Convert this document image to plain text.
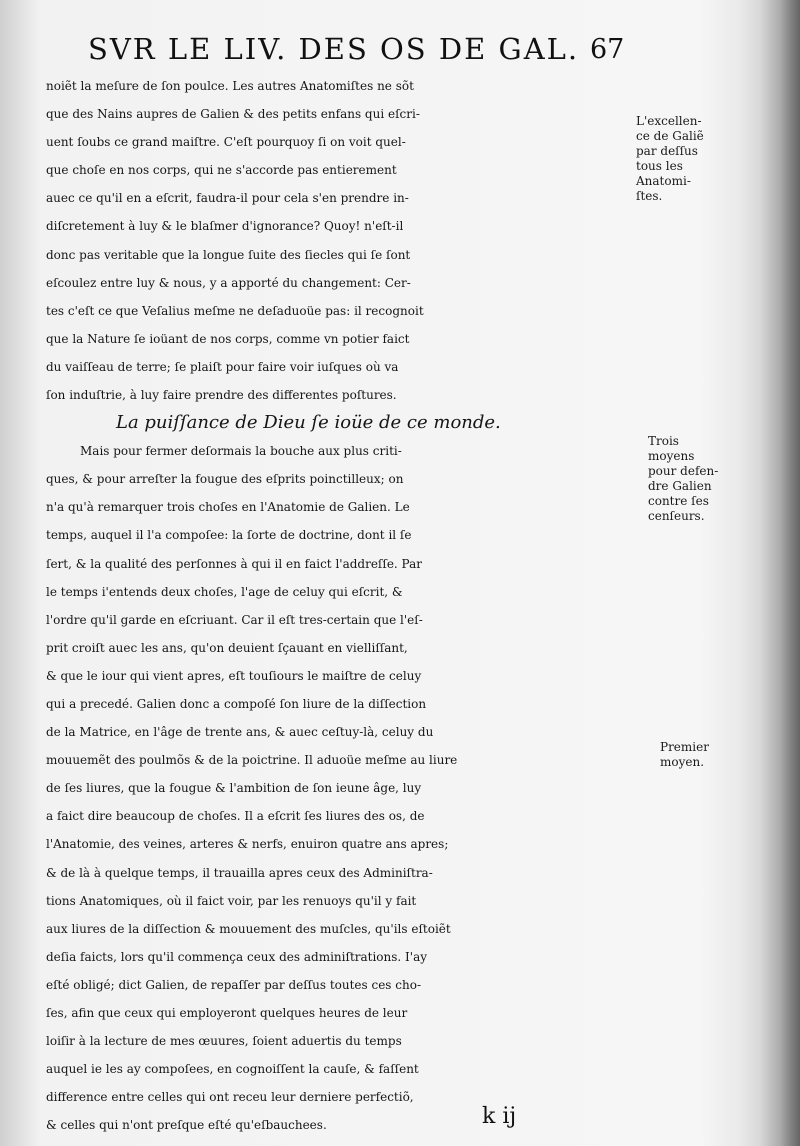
SVR LE LIV. DES OS DE GAL. 67
noiẽt la meſure de ſon poulce. Les autres Anatomiſtes ne sõt
que des Nains aupres de Galien & des petits enfans qui eſcri-
uent ſoubs ce grand maiſtre. C'eſt pourquoy ſi on voit quel-
que choſe en nos corps, qui ne s'accorde pas entierement
auec ce qu'il en a eſcrit, faudra-il pour cela s'en prendre in-
diſcretement à luy & le blaſmer d'ignorance? Quoy! n'eſt-il
donc pas veritable que la longue ſuite des ſiecles qui ſe ſont
eſcoulez entre luy & nous, y a apporté du changement: Cer-
tes c'eſt ce que Veſalius meſme ne deſaduoüe pas: il recognoit
que la Nature ſe ioüant de nos corps, comme vn potier faict
du vaiſſeau de terre; ſe plaiſt pour faire voir iuſques où va
ſon induſtrie, à luy faire prendre des differentes poſtures.
La puiſſance de Dieu ſe ioüe de ce monde.
Mais pour fermer deſormais la bouche aux plus criti-
ques, & pour arreſter la fougue des eſprits poinctilleux; on
n'a qu'à remarquer trois choſes en l'Anatomie de Galien. Le
temps, auquel il l'a compoſee: la ſorte de doctrine, dont il ſe
ſert, & la qualité des perſonnes à qui il en faict l'addreſſe. Par
le temps i'entends deux choſes, l'age de celuy qui eſcrit, &
l'ordre qu'il garde en eſcriuant. Car il eſt tres-certain que l'eſ-
prit croiſt auec les ans, qu'on deuient ſçauant en vielliſſant,
& que le iour qui vient apres, eſt touſiours le maiſtre de celuy
qui a precedé. Galien donc a compoſé ſon liure de la diſſection
de la Matrice, en l'âge de trente ans, & auec ceſtuy-là, celuy du
mouuemẽt des poulmõs & de la poictrine. Il aduoüe meſme au liure
de ſes liures, que la fougue & l'ambition de ſon ieune âge, luy
a faict dire beaucoup de choſes. Il a eſcrit ſes liures des os, de
l'Anatomie, des veines, arteres & nerfs, enuiron quatre ans apres;
& de là à quelque temps, il trauailla apres ceux des Adminiſtra-
tions Anatomiques, où il faict voir, par les renuoys qu'il y fait
aux liures de la diſſection & mouuement des muſcles, qu'ils eſtoiẽt
deſia faicts, lors qu'il commença ceux des adminiſtrations. I'ay
eſté obligé; dict Galien, de repaſſer par deſſus toutes ces cho-
ſes, afin que ceux qui employeront quelques heures de leur
loiſir à la lecture de mes œuures, ſoient aduertis du temps
auquel ie les ay compoſees, en cognoiſſent la cauſe, & faſſent
difference entre celles qui ont receu leur derniere perfectiõ,
& celles qui n'ont preſque eſté qu'eſbauchees.
L'excellen-
ce de Galiẽ
par deſſus
tous les
Anatomi-
ſtes.
Trois
moyens
pour defen-
dre Galien
contre ſes
cenſeurs.
Premier
moyen.
k ij
